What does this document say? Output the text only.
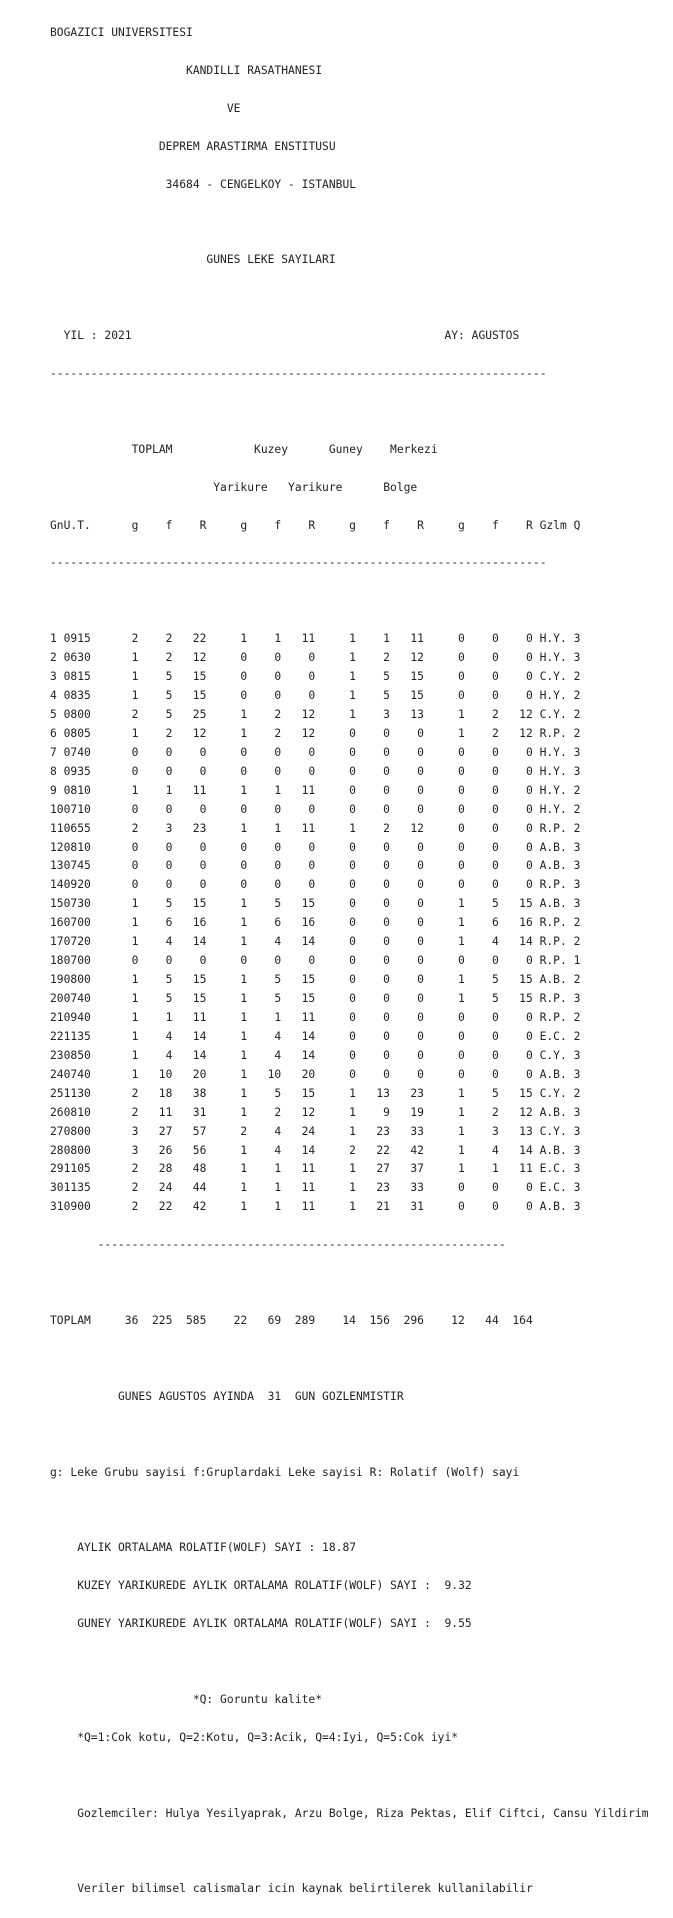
BOGAZICI UNIVERSITESI

KANDILLI RASATHANESI

VE

DEPREM ARASTIRMA ENSTITUSU

34684 - CENGELKOY - ISTANBUL

GUNES LEKE SAYILARI

YIL : 2021	AY: AGUSTOS

-------------------------------------------------------------------------

TOPLAM	Kuzey	Guney Merkezi

Yarikure Yarikure	Bolge

GnU.T.	g f R	g f R	g f R	g f R Gzlm Q

-------------------------------------------------------------------------

1 0915	2 2 22	1 1 11	1 1 11	0 0 0 H.Y. 3
2 0630	1 2 12	0 0 0	1 2 12	0 0 0 H.Y. 3
3 0815	1 5 15	0 0 0	1 5 15	0 0 0 C.Y. 2
4 0835	1 5 15	0 0 0	1 5 15	0 0 0 H.Y. 2
5 0800	2 5 25	1 2 12	1 3 13	1 2 12 C.Y. 2
6 0805	1 2 12	1 2 12	0 0 0	1 2 12 R.P. 2
7 0740	0 0 0	0 0 0	0 0 0	0 0 0 H.Y. 3
8 0935	0 0 0	0 0 0	0 0 0	0 0 0 H.Y. 3
9 0810	1 1 11	1 1 11	0 0 0	0 0 0 H.Y. 2
100710	0 0 0	0 0 0	0 0 0	0 0 0 H.Y. 2
110655	2 3 23	1 1 11	1 2 12	0 0 0 R.P. 2
120810	0 0 0	0 0 0	0 0 0	0 0 0 A.B. 3
130745	0 0 0	0 0 0	0 0 0	0 0 0 A.B. 3
140920	0 0 0	0 0 0	0 0 0	0 0 0 R.P. 3
150730	1 5 15	1 5 15	0 0 0	1 5 15 A.B. 3
160700	1 6 16	1 6 16	0 0 0	1 6 16 R.P. 2
170720	1 4 14	1 4 14	0 0 0	1 4 14 R.P. 2
180700	0 0 0	0 0 0	0 0 0	0 0 0 R.P. 1
190800	1 5 15	1 5 15	0 0 0	1 5 15 A.B. 2
200740	1 5 15	1 5 15	0 0 0	1 5 15 R.P. 3
210940	1 1 11	1 1 11	0 0 0	0 0 0 R.P. 2
221135	1 4 14	1 4 14	0 0 0	0 0 0 E.C. 2
230850	1 4 14	1 4 14	0 0 0	0 0 0 C.Y. 3
240740	1 10 20	1 10 20	0 0 0	0 0 0 A.B. 3
251130	2 18 38	1 5 15	1 13 23	1 5 15 C.Y. 2
260810	2 11 31	1 2 12	1 9 19	1 2 12 A.B. 3
270800	3 27 57	2 4 24	1 23 33	1 3 13 C.Y. 3
280800	3 26 56	1 4 14	2 22 42	1 4 14 A.B. 3
291105	2 28 48	1 1 11	1 27 37	1 1 11 E.C. 3
301135	2 24 44	1 1 11	1 23 33	0 0 0 E.C. 3
310900	2 22 42	1 1 11	1 21 31	0 0 0 A.B. 3

------------------------------------------------------------

TOPLAM	36 225 585 22 69 289 14 156 296 12 44 164

GUNES AGUSTOS AYINDA  31  GUN GOZLENMISTIR

g: Leke Grubu sayisi f:Gruplardaki Leke sayisi R: Rolatif (Wolf) sayi

AYLIK ORTALAMA ROLATIF(WOLF) SAYI : 18.87

KUZEY YARIKUREDE AYLIK ORTALAMA ROLATIF(WOLF) SAYI :  9.32

GUNEY YARIKUREDE AYLIK ORTALAMA ROLATIF(WOLF) SAYI :  9.55

*Q: Goruntu kalite*

*Q=1:Cok kotu, Q=2:Kotu, Q=3:Acik, Q=4:Iyi, Q=5:Cok iyi*

Gozlemciler: Hulya Yesilyaprak, Arzu Bolge, Riza Pektas, Elif Ciftci, Cansu Yildirim

Veriler bilimsel calismalar icin kaynak belirtilerek kullanilabilir
